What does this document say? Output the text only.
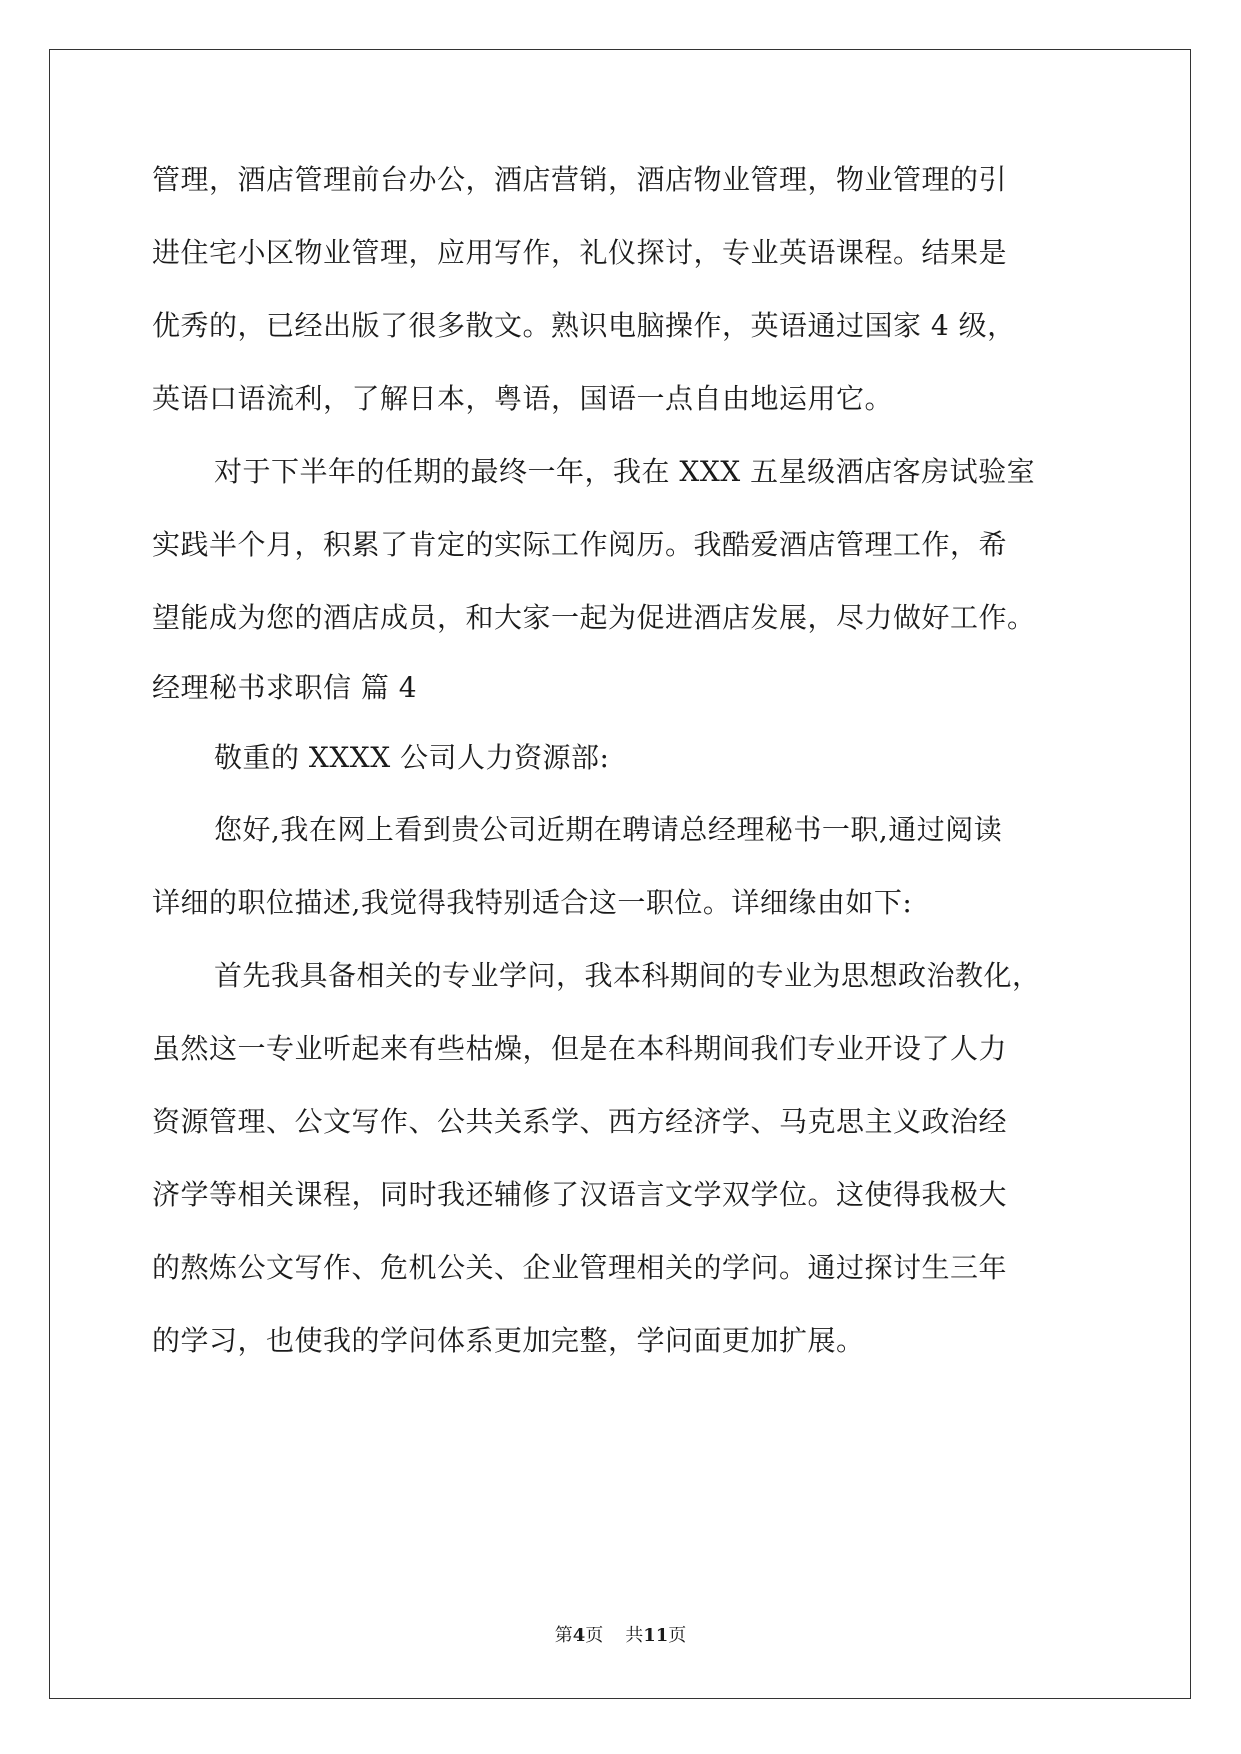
管理，酒店管理前台办公，酒店营销，酒店物业管理，物业管理的引
进住宅小区物业管理，应用写作，礼仪探讨，专业英语课程。结果是
优秀的，已经出版了很多散文。熟识电脑操作，英语通过国家 4 级，
英语口语流利，了解日本，粤语，国语一点自由地运用它。
对于下半年的任期的最终一年，我在 XXX 五星级酒店客房试验室
实践半个月，积累了肯定的实际工作阅历。我酷爱酒店管理工作，希
望能成为您的酒店成员，和大家一起为促进酒店发展，尽力做好工作。
经理秘书求职信 篇 4
敬重的 XXXX 公司人力资源部:
您好,我在网上看到贵公司近期在聘请总经理秘书一职,通过阅读
详细的职位描述,我觉得我特别适合这一职位。详细缘由如下:
首先我具备相关的专业学问，我本科期间的专业为思想政治教化，
虽然这一专业听起来有些枯燥，但是在本科期间我们专业开设了人力
资源管理、公文写作、公共关系学、西方经济学、马克思主义政治经
济学等相关课程，同时我还辅修了汉语言文学双学位。这使得我极大
的熬炼公文写作、危机公关、企业管理相关的学问。通过探讨生三年
的学习，也使我的学问体系更加完整，学问面更加扩展。
第4页 共11页
